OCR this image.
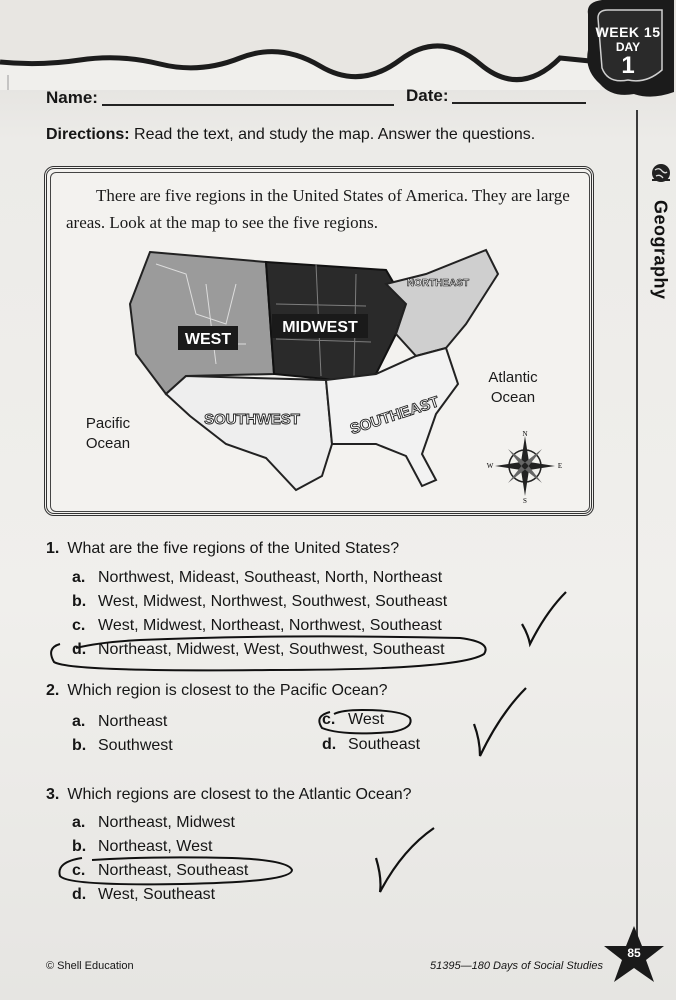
WEEK 15
DAY
1
Geography
Name:	Date:
Directions: Read the text, and study the map. Answer the questions.
There are five regions in the United States of America. They are large areas. Look at the map to see the five regions.
WEST
MIDWEST
NORTHEAST
SOUTHWEST	SOUTHEAST
Pacific
Ocean
Atlantic
Ocean
N
S
W	E
1. What are the five regions of the United States?
a. Northwest, Mideast, Southeast, North, Northeast
b. West, Midwest, Northwest, Southwest, Southeast
c. West, Midwest, Northeast, Northwest, Southeast
d. Northeast, Midwest, West, Southwest, Southeast
2. Which region is closest to the Pacific Ocean?
a. Northeast
b. Southwest
c. West
d. Southeast
3. Which regions are closest to the Atlantic Ocean?
a. Northeast, Midwest
b. Northeast, West
c. Northeast, Southeast
d. West, Southeast
© Shell Education	51395—180 Days of Social Studies
85
